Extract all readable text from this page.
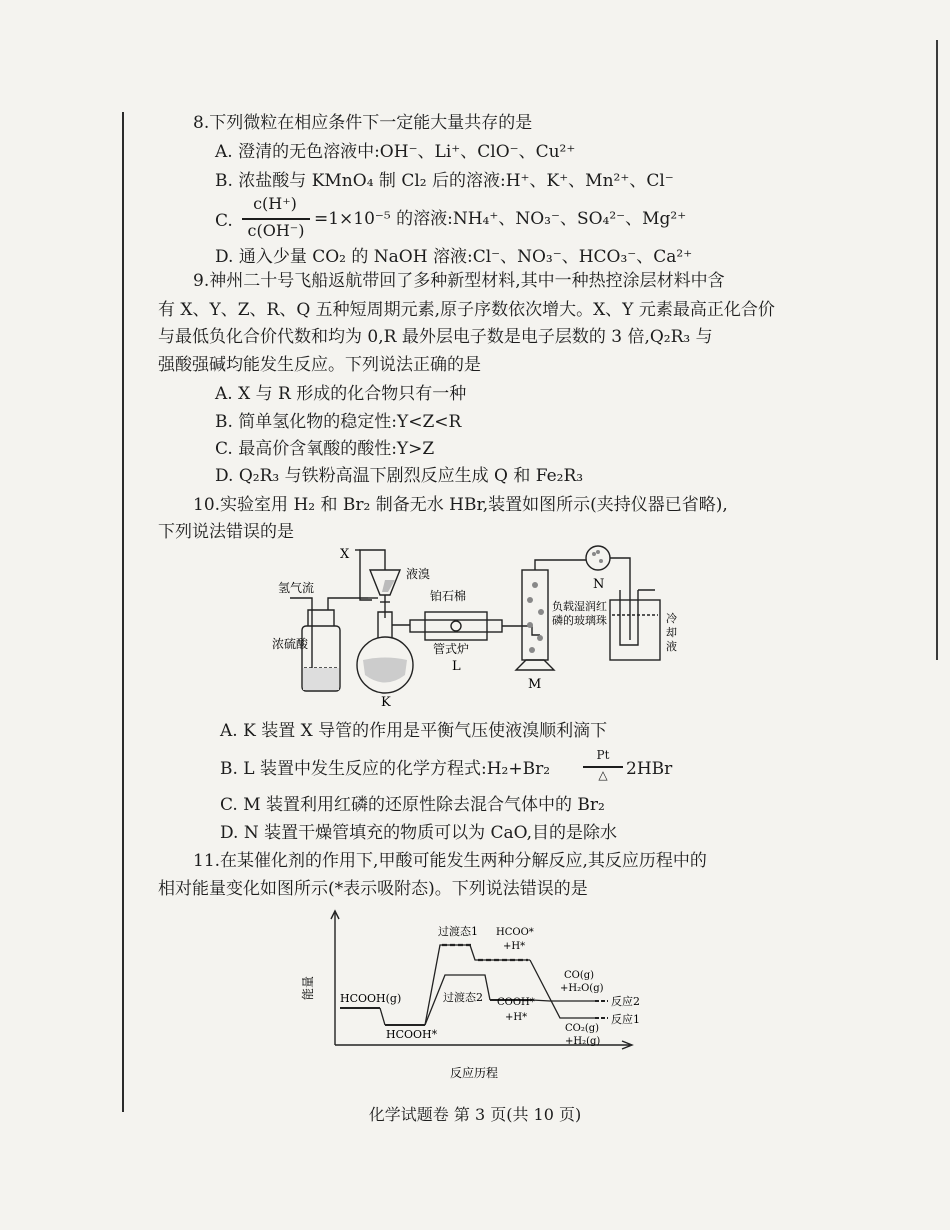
8.下列微粒在相应条件下一定能大量共存的是
A. 澄清的无色溶液中:OH⁻、Li⁺、ClO⁻、Cu²⁺
B. 浓盐酸与 KMnO₄ 制 Cl₂ 后的溶液:H⁺、K⁺、Mn²⁺、Cl⁻
C.
c(H⁺)
c(OH⁻)
=1×10⁻⁵ 的溶液:NH₄⁺、NO₃⁻、SO₄²⁻、Mg²⁺
D. 通入少量 CO₂ 的 NaOH 溶液:Cl⁻、NO₃⁻、HCO₃⁻、Ca²⁺
9.神州二十号飞船返航带回了多种新型材料,其中一种热控涂层材料中含
有 X、Y、Z、R、Q 五种短周期元素,原子序数依次增大。X、Y 元素最高正化合价
与最低负化合价代数和均为 0,R 最外层电子数是电子层数的 3 倍,Q₂R₃ 与
强酸强碱均能发生反应。下列说法正确的是
A. X 与 R 形成的化合物只有一种
B. 简单氢化物的稳定性:Y<Z<R
C. 最高价含氧酸的酸性:Y>Z
D. Q₂R₃ 与铁粉高温下剧烈反应生成 Q 和 Fe₂R₃
10.实验室用 H₂ 和 Br₂ 制备无水 HBr,装置如图所示(夹持仪器已省略),
下列说法错误的是
X
液溴
氢气流
铂石棉
浓硫酸	管式炉
L
K
M
N
负载湿润红
磷的玻璃珠	冷
却
液
A. K 装置 X 导管的作用是平衡气压使液溴顺利滴下
B. L 装置中发生反应的化学方程式:H₂+Br₂
Pt
△	2HBr
C. M 装置利用红磷的还原性除去混合气体中的 Br₂
D. N 装置干燥管填充的物质可以为 CaO,目的是除水
11.在某催化剂的作用下,甲酸可能发生两种分解反应,其反应历程中的
相对能量变化如图所示(*表示吸附态)。下列说法错误的是
能量
反应历程
HCOOH(g)
HCOOH*
过渡态1
过渡态2
HCOO*
+H*
COOH*
+H*
CO(g)
+H₂O(g)
CO₂(g)
+H₂(g)
反应2
反应1
化学试题卷 第 3 页(共 10 页)
